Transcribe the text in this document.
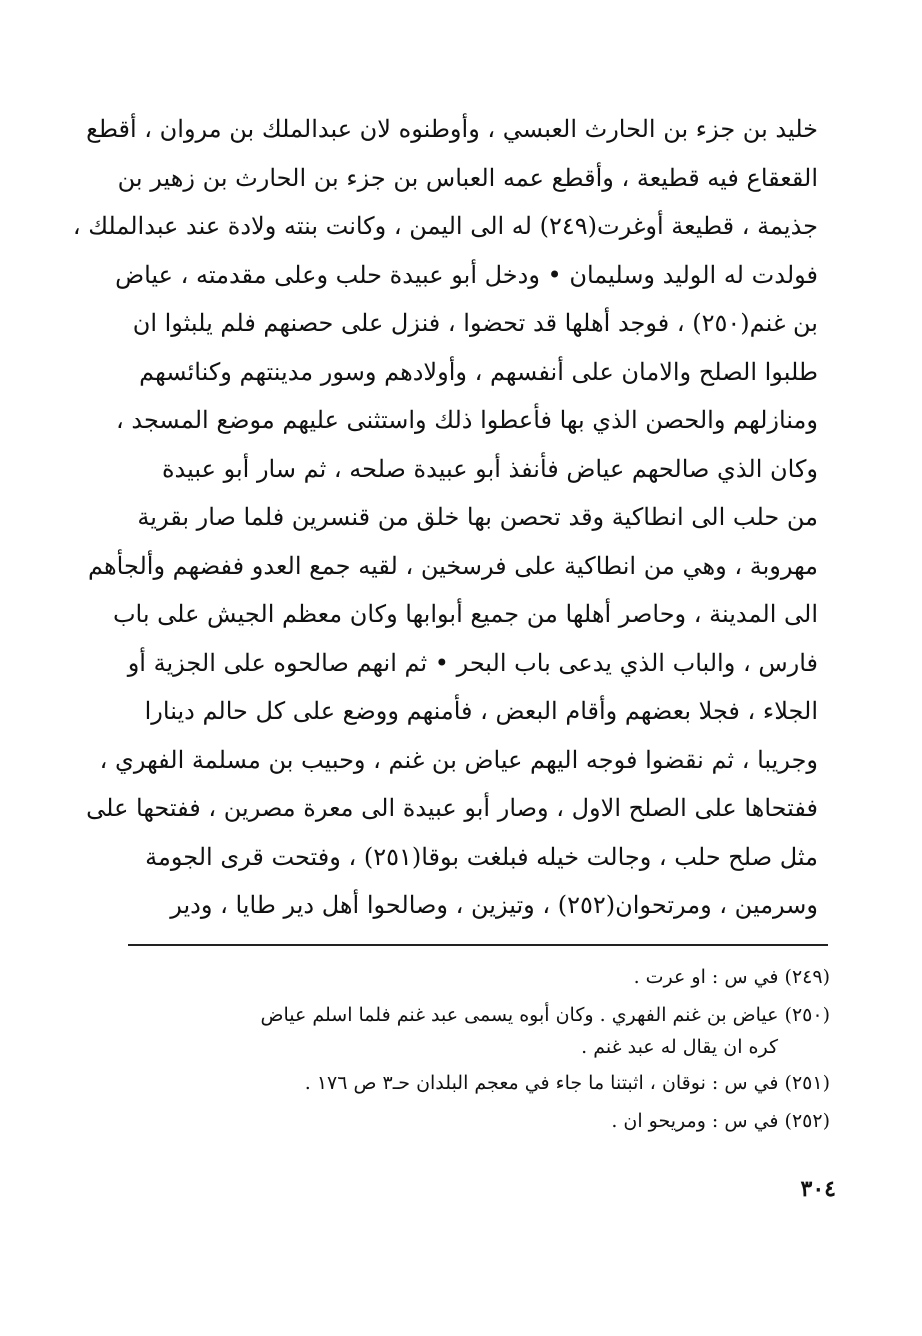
خليد بن جزء بن الحارث العبسي ، وأوطنوه لان عبدالملك بن مروان ، أقطع
القعقاع فيه قطيعة ، وأقطع عمه العباس بن جزء بن الحارث بن زهير بن
جذيمة ، قطيعة أوغرت(٢٤٩) له الى اليمن ، وكانت بنته ولادة عند عبدالملك ،
فولدت له الوليد وسليمان • ودخل أبو عبيدة حلب وعلى مقدمته ، عياض
بن غنم(٢٥٠) ، فوجد أهلها قد تحضوا ، فنزل على حصنهم فلم يلبثوا ان
طلبوا الصلح والامان على أنفسهم ، وأولادهم وسور مدينتهم وكنائسهم
ومنازلهم والحصن الذي بها فأعطوا ذلك واستثنى عليهم موضع المسجد ،
وكان الذي صالحهم عياض فأنفذ أبو عبيدة صلحه ، ثم سار أبو عبيدة
من حلب الى انطاكية وقد تحصن بها خلق من قنسرين فلما صار بقرية
مهروبة ، وهي من انطاكية على فرسخين ، لقيه جمع العدو ففضهم وألجأهم
الى المدينة ، وحاصر أهلها من جميع أبوابها وكان معظم الجيش على باب
فارس ، والباب الذي يدعى باب البحر • ثم انهم صالحوه على الجزية أو
الجلاء ، فجلا بعضهم وأقام البعض ، فأمنهم ووضع على كل حالم دينارا
وجريبا ، ثم نقضوا فوجه اليهم عياض بن غنم ، وحبيب بن مسلمة الفهري ،
ففتحاها على الصلح الاول ، وصار أبو عبيدة الى معرة مصرين ، ففتحها على
مثل صلح حلب ، وجالت خيله فبلغت بوقا(٢٥١) ، وفتحت قرى الجومة
وسرمين ، ومرتحوان(٢٥٢) ، وتيزين ، وصالحوا أهل دير طايا ، ودير
(٢٤٩) في س : او عرت .
(٢٥٠) عياض بن غنم الفهري . وكان أبوه يسمى عبد غنم فلما اسلم عياض
كره ان يقال له عبد غنم .
(٢٥١) في س : نوقان ، اثبتنا ما جاء في معجم البلدان حـ٣ ص ١٧٦ .
(٢٥٢) في س : ومريحو ان .
٣٠٤
